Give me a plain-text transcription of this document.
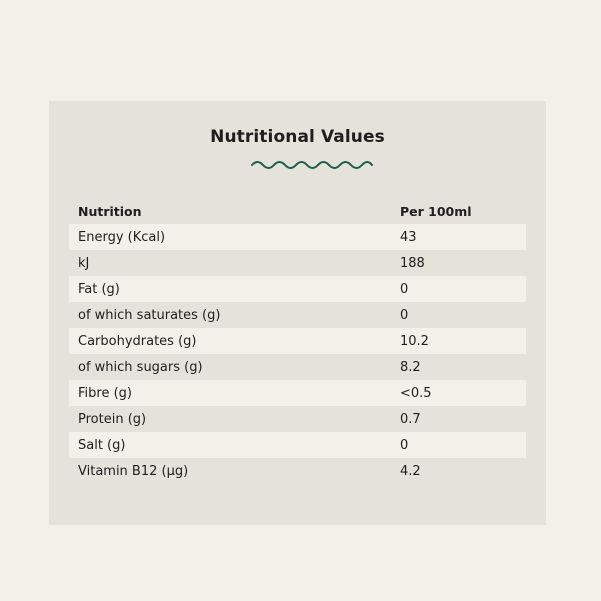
Nutritional Values
Nutrition	Per 100ml
Energy (Kcal)	43
kJ	188
Fat (g)	0
of which saturates (g)	0
Carbohydrates (g)	10.2
of which sugars (g)	8.2
Fibre (g)	<0.5
Protein (g)	0.7
Salt (g)	0
Vitamin B12 (µg)	4.2
